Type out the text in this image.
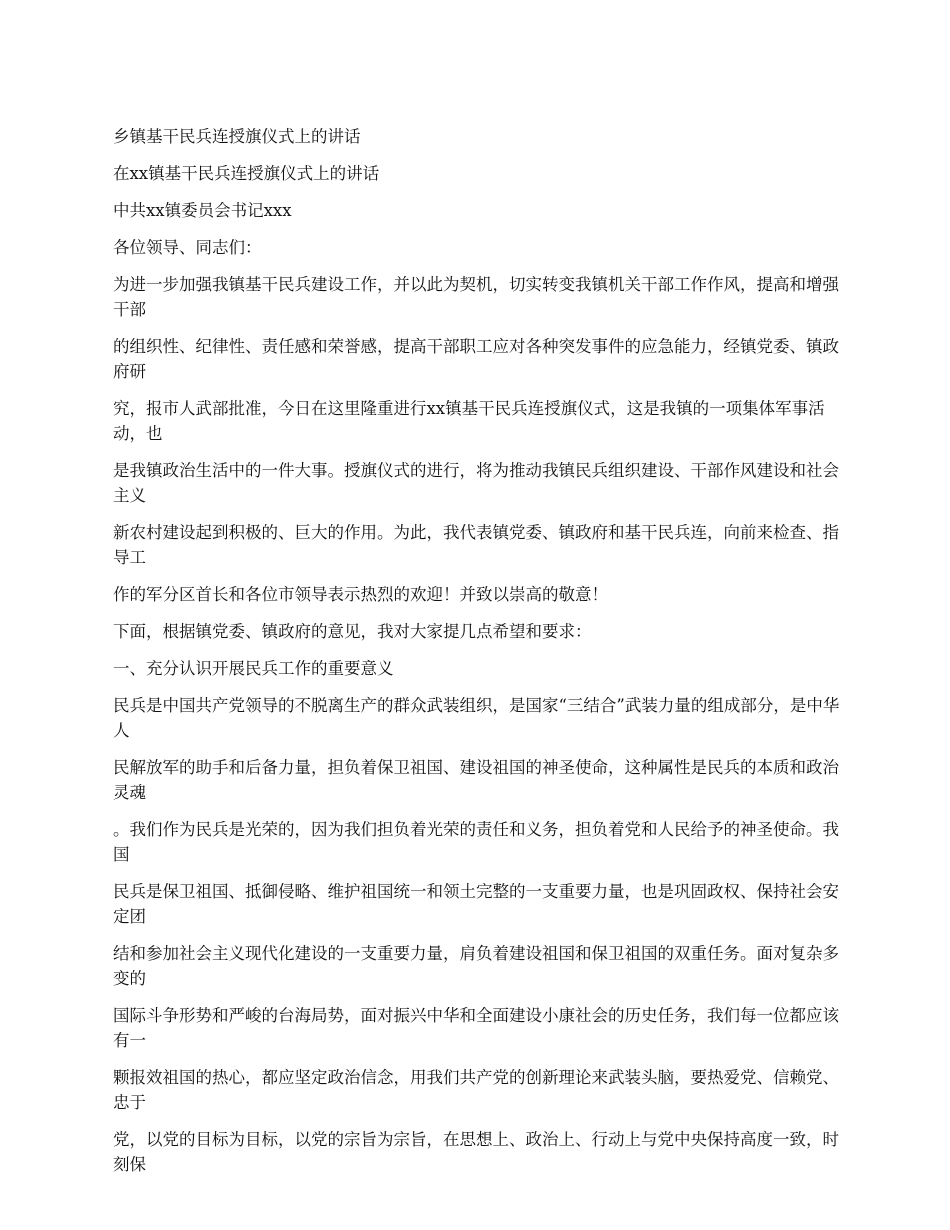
乡镇基干民兵连授旗仪式上的讲话

在xx镇基干民兵连授旗仪式上的讲话

中共xx镇委员会书记xxx

各位领导、同志们：

为进一步加强我镇基干民兵建设工作，并以此为契机，切实转变我镇机关干部工作作风，提高和增强干部

的组织性、纪律性、责任感和荣誉感，提高干部职工应对各种突发事件的应急能力，经镇党委、镇政府研

究，报市人武部批准，今日在这里隆重进行xx镇基干民兵连授旗仪式，这是我镇的一项集体军事活动，也

是我镇政治生活中的一件大事。授旗仪式的进行，将为推动我镇民兵组织建设、干部作风建设和社会主义

新农村建设起到积极的、巨大的作用。为此，我代表镇党委、镇政府和基干民兵连，向前来检查、指导工

作的军分区首长和各位市领导表示热烈的欢迎！并致以崇高的敬意！

下面，根据镇党委、镇政府的意见，我对大家提几点希望和要求：

一、充分认识开展民兵工作的重要意义

民兵是中国共产党领导的不脱离生产的群众武装组织，是国家“三结合”武装力量的组成部分，是中华人

民解放军的助手和后备力量，担负着保卫祖国、建设祖国的神圣使命，这种属性是民兵的本质和政治灵魂

。我们作为民兵是光荣的，因为我们担负着光荣的责任和义务，担负着党和人民给予的神圣使命。我国

民兵是保卫祖国、抵御侵略、维护祖国统一和领土完整的一支重要力量，也是巩固政权、保持社会安定团

结和参加社会主义现代化建设的一支重要力量，肩负着建设祖国和保卫祖国的双重任务。面对复杂多变的

国际斗争形势和严峻的台海局势，面对振兴中华和全面建设小康社会的历史任务，我们每一位都应该有一

颗报效祖国的热心，都应坚定政治信念，用我们共产党的创新理论来武装头脑，要热爱党、信赖党、忠于

党，以党的目标为目标，以党的宗旨为宗旨，在思想上、政治上、行动上与党中央保持高度一致，时刻保
